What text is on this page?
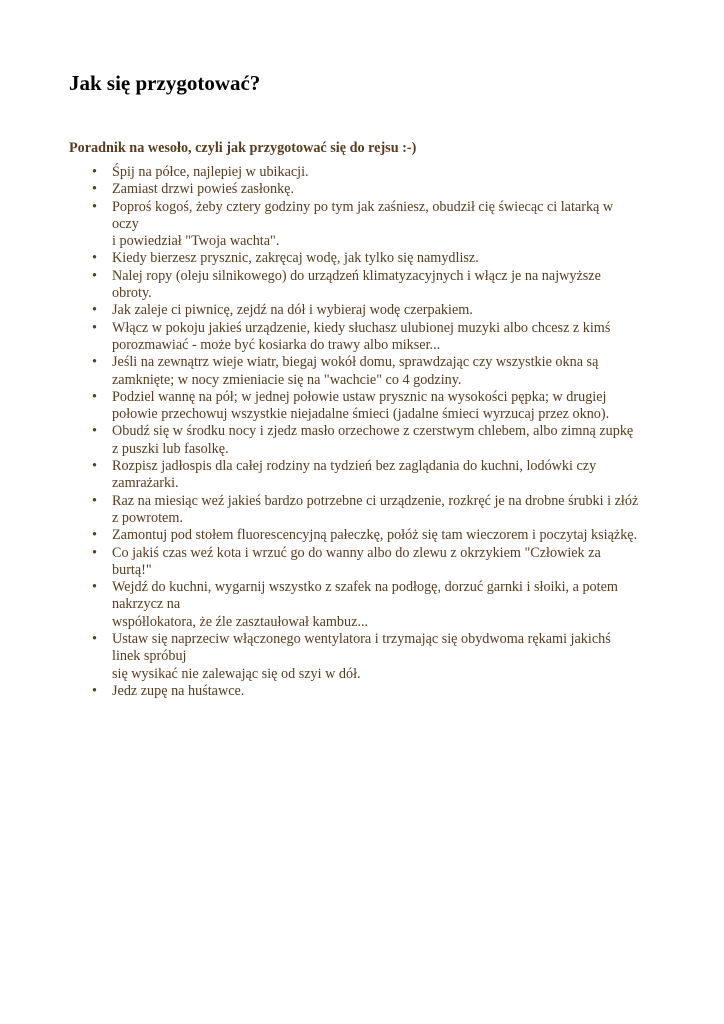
Jak się przygotować?

Poradnik na wesoło, czyli jak przygotować się do rejsu :-)

•	Śpij na półce, najlepiej w ubikacji.
•	Zamiast drzwi powieś zasłonkę.
•	Poproś kogoś, żeby cztery godziny po tym jak zaśniesz, obudził cię świecąc ci latarką w
oczy
i powiedział "Twoja wachta".
•	Kiedy bierzesz prysznic, zakręcaj wodę, jak tylko się namydlisz.
•	Nalej ropy (oleju silnikowego) do urządzeń klimatyzacyjnych i włącz je na najwyższe
obroty.
•	Jak zaleje ci piwnicę, zejdź na dół i wybieraj wodę czerpakiem.
•	Włącz w pokoju jakieś urządzenie, kiedy słuchasz ulubionej muzyki albo chcesz z kimś
porozmawiać - może być kosiarka do trawy albo mikser...
•	Jeśli na zewnątrz wieje wiatr, biegaj wokół domu, sprawdzając czy wszystkie okna są
zamknięte; w nocy zmieniacie się na "wachcie" co 4 godziny.
•	Podziel wannę na pół; w jednej połowie ustaw prysznic na wysokości pępka; w drugiej
połowie przechowuj wszystkie niejadalne śmieci (jadalne śmieci wyrzucaj przez okno).
•	Obudź się w środku nocy i zjedz masło orzechowe z czerstwym chlebem, albo zimną zupkę
z puszki lub fasolkę.
•	Rozpisz jadłospis dla całej rodziny na tydzień bez zaglądania do kuchni, lodówki czy
zamrażarki.
•	Raz na miesiąc weź jakieś bardzo potrzebne ci urządzenie, rozkręć je na drobne śrubki i złóż
z powrotem.
•	Zamontuj pod stołem fluorescencyjną pałeczkę, połóż się tam wieczorem i poczytaj książkę.
•	Co jakiś czas weź kota i wrzuć go do wanny albo do zlewu z okrzykiem "Człowiek za
burtą!"
•	Wejdź do kuchni, wygarnij wszystko z szafek na podłogę, dorzuć garnki i słoiki, a potem
nakrzycz na
współlokatora, że źle zasztaułował kambuz...
•	Ustaw się naprzeciw włączonego wentylatora i trzymając się obydwoma rękami jakichś
linek spróbuj
się wysikać nie zalewając się od szyi w dół.
•	Jedz zupę na huśtawce.
